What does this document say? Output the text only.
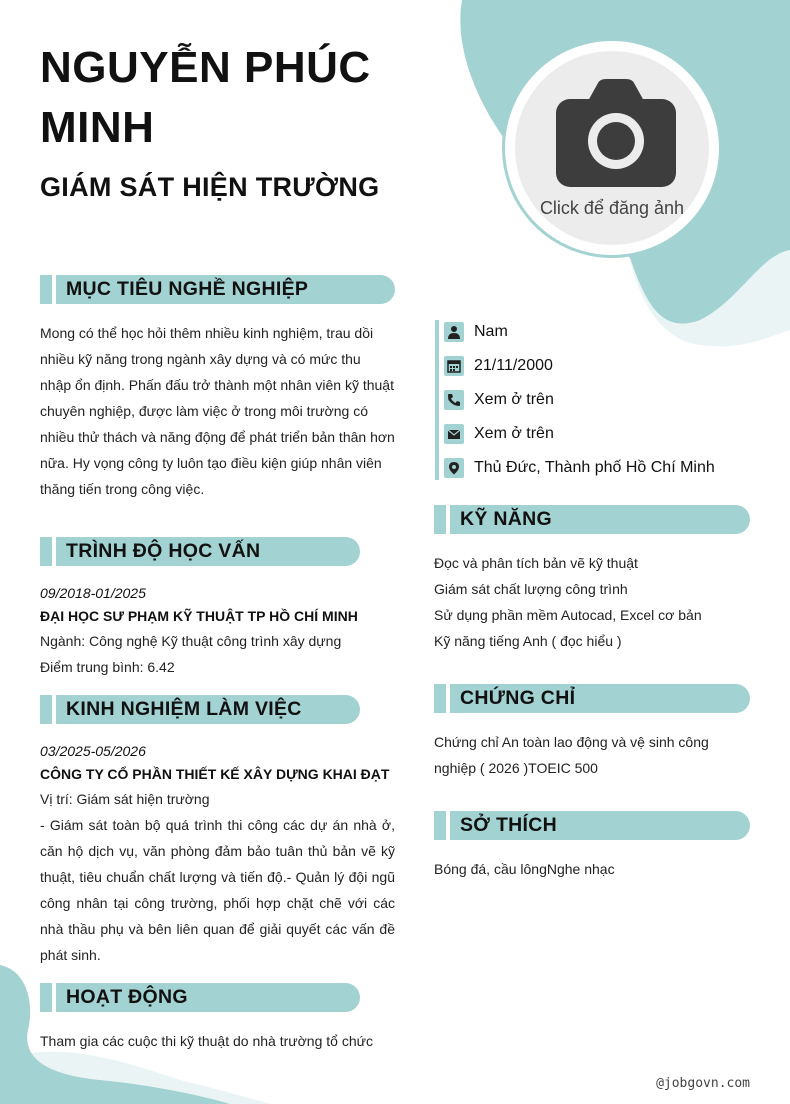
NGUYỄN PHÚC MINH
GIÁM SÁT HIỆN TRƯỜNG
Click để đăng ảnh
MỤC TIÊU NGHỀ NGHIỆP
Mong có thể học hỏi thêm nhiều kinh nghiệm, trau dồi nhiều kỹ năng trong ngành xây dựng và có mức thu nhập ổn định. Phấn đấu trở thành một nhân viên kỹ thuật chuyên nghiệp, được làm việc ở trong môi trường có nhiều thử thách và năng động để phát triển bản thân hơn nữa. Hy vọng công ty luôn tạo điều kiện giúp nhân viên thăng tiến trong công việc.
TRÌNH ĐỘ HỌC VẤN
09/2018-01/2025
ĐẠI HỌC SƯ PHẠM KỸ THUẬT TP HỒ CHÍ MINH
Ngành: Công nghệ Kỹ thuật công trình xây dựng
Điểm trung bình: 6.42
KINH NGHIỆM LÀM VIỆC
03/2025-05/2026
CÔNG TY CỔ PHẦN THIẾT KẾ XÂY DỰNG KHAI ĐẠT
Vị trí: Giám sát hiện trường
- Giám sát toàn bộ quá trình thi công các dự án nhà ở, căn hộ dịch vụ, văn phòng đảm bảo tuân thủ bản vẽ kỹ thuật, tiêu chuẩn chất lượng và tiến độ.- Quản lý đội ngũ công nhân tại công trường, phối hợp chặt chẽ với các nhà thầu phụ và bên liên quan để giải quyết các vấn đề phát sinh.
HOẠT ĐỘNG
Tham gia các cuộc thi kỹ thuật do nhà trường tổ chức
Nam
21/11/2000
Xem ở trên
Xem ở trên
Thủ Đức, Thành phố Hồ Chí Minh
KỸ NĂNG
Đọc và phân tích bản vẽ kỹ thuật
Giám sát chất lượng công trình
Sử dụng phần mềm Autocad, Excel cơ bản
Kỹ năng tiếng Anh ( đọc hiểu )
CHỨNG CHỈ
Chứng chỉ An toàn lao động và vệ sinh công nghiệp ( 2026 )TOEIC 500
SỞ THÍCH
Bóng đá, cầu lôngNghe nhạc
@jobgovn.com
